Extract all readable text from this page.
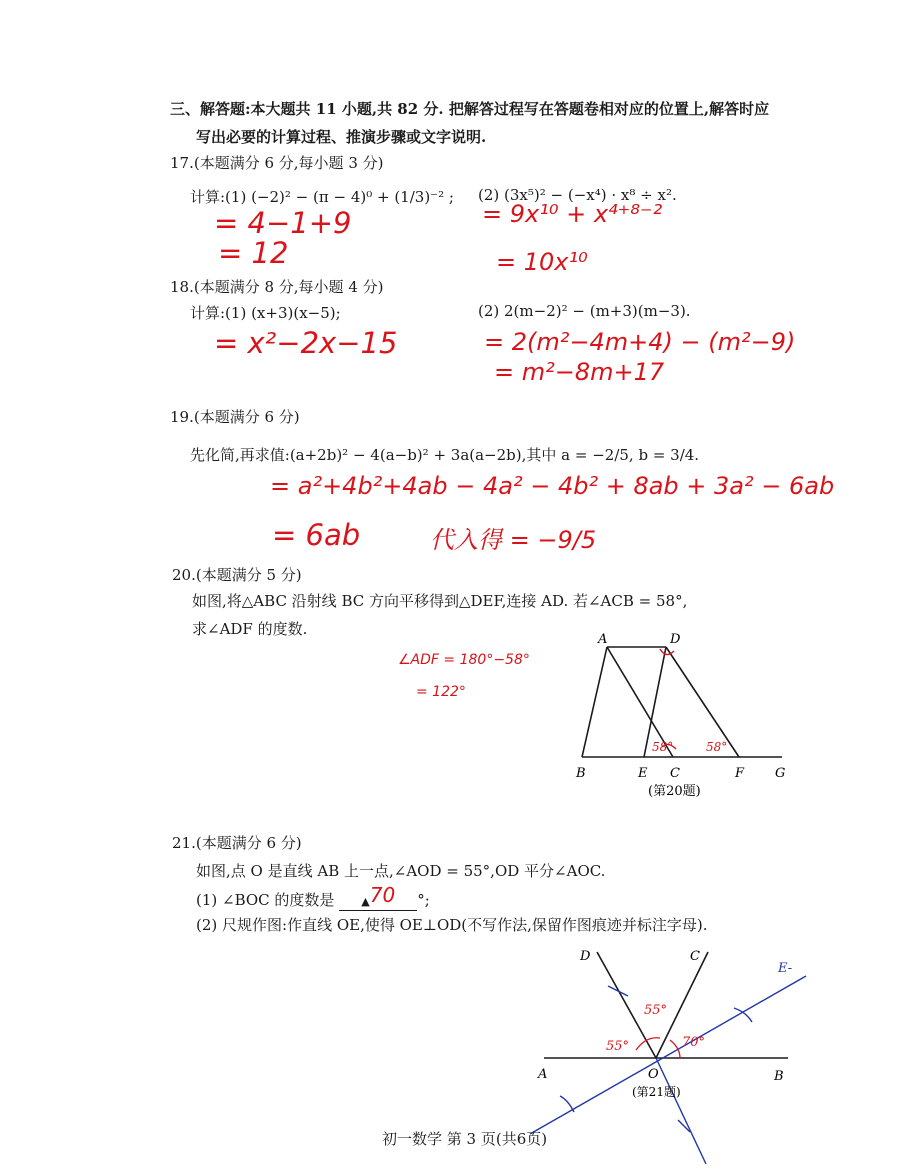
三、解答题:本大题共 11 小题,共 82 分. 把解答过程写在答题卷相对应的位置上,解答时应
写出必要的计算过程、推演步骤或文字说明.
17.(本题满分 6 分,每小题 3 分)
计算:(1) (−2)² − (π − 4)⁰ + (1/3)⁻² ; (2) (3x⁵)² − (−x⁴) · x⁸ ÷ x².
= 4−1+9
= 12
= 9x¹⁰ + x⁴⁺⁸⁻²
= 10x¹⁰
18.(本题满分 8 分,每小题 4 分)
计算:(1) (x+3)(x−5);	(2) 2(m−2)² − (m+3)(m−3).
= x²−2x−15	= 2(m²−4m+4) − (m²−9)
= m²−8m+17
19.(本题满分 6 分)
先化简,再求值:(a+2b)² − 4(a−b)² + 3a(a−2b),其中 a = −2/5, b = 3/4.
= a²+4b²+4ab − 4a² − 4b² + 8ab + 3a² − 6ab
= 6ab	代入得 = −9/5
20.(本题满分 5 分)
如图,将△ABC 沿射线 BC 方向平移得到△DEF,连接 AD. 若∠ACB = 58°,
求∠ADF 的度数.
∠ADF = 180°−58°
= 122°
58°	58°
A	D
B	E C	F G
(第20题)
21.(本题满分 6 分)
如图,点 O 是直线 AB 上一点,∠AOD = 55°,OD 平分∠AOC.
(1) ∠BOC 的度数是 ▲70 °;
(2) 尺规作图:作直线 OE,使得 OE⊥OD(不写作法,保留作图痕迹并标注字母).
55°
55°	70°
E-
D	C
A	B
O
(第21题)
初一数学 第 3 页(共6页)
